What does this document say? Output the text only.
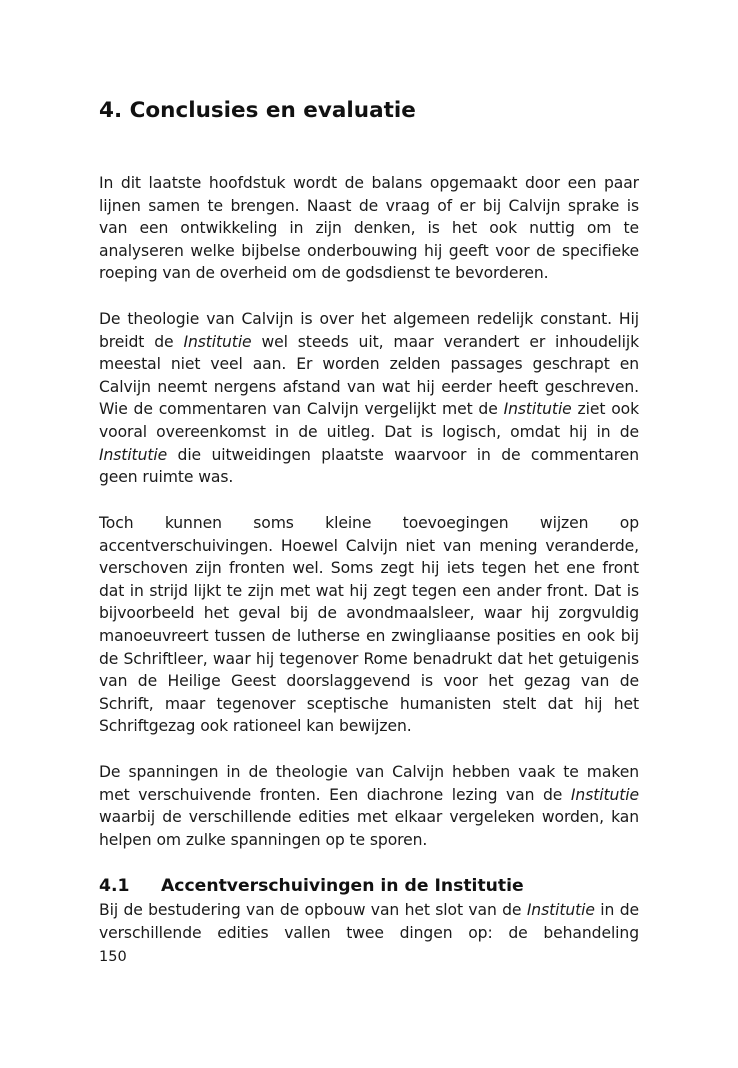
4. Conclusies en evaluatie

In dit laatste hoofdstuk wordt de balans opgemaakt door een paar lijnen samen te brengen. Naast de vraag of er bij Calvijn sprake is van een ontwikkeling in zijn denken, is het ook nuttig om te analyseren welke bijbelse onderbouwing hij geeft voor de specifieke roeping van de overheid om de godsdienst te bevorderen.

De theologie van Calvijn is over het algemeen redelijk constant. Hij breidt de Institutie wel steeds uit, maar verandert er inhoudelijk meestal niet veel aan. Er worden zelden passages geschrapt en Calvijn neemt nergens afstand van wat hij eerder heeft geschreven. Wie de commentaren van Calvijn vergelijkt met de Institutie ziet ook vooral overeenkomst in de uitleg. Dat is logisch, omdat hij in de Institutie die uitweidingen plaatste waarvoor in de commentaren geen ruimte was.

Toch kunnen soms kleine toevoegingen wijzen op accentverschuivingen. Hoewel Calvijn niet van mening veranderde, verschoven zijn fronten wel. Soms zegt hij iets tegen het ene front dat in strijd lijkt te zijn met wat hij zegt tegen een ander front. Dat is bijvoorbeeld het geval bij de avondmaalsleer, waar hij zorgvuldig manoeuvreert tussen de lutherse en zwingliaanse posities en ook bij de Schriftleer, waar hij tegenover Rome benadrukt dat het getuigenis van de Heilige Geest doorslaggevend is voor het gezag van de Schrift, maar tegenover sceptische humanisten stelt dat hij het Schriftgezag ook rationeel kan bewijzen.

De spanningen in de theologie van Calvijn hebben vaak te maken met verschuivende fronten. Een diachrone lezing van de Institutie waarbij de verschillende edities met elkaar vergeleken worden, kan helpen om zulke spanningen op te sporen.

4.1 Accentverschuivingen in de Institutie

Bij de bestudering van de opbouw van het slot van de Institutie in de verschillende edities vallen twee dingen op: de behandeling

150
